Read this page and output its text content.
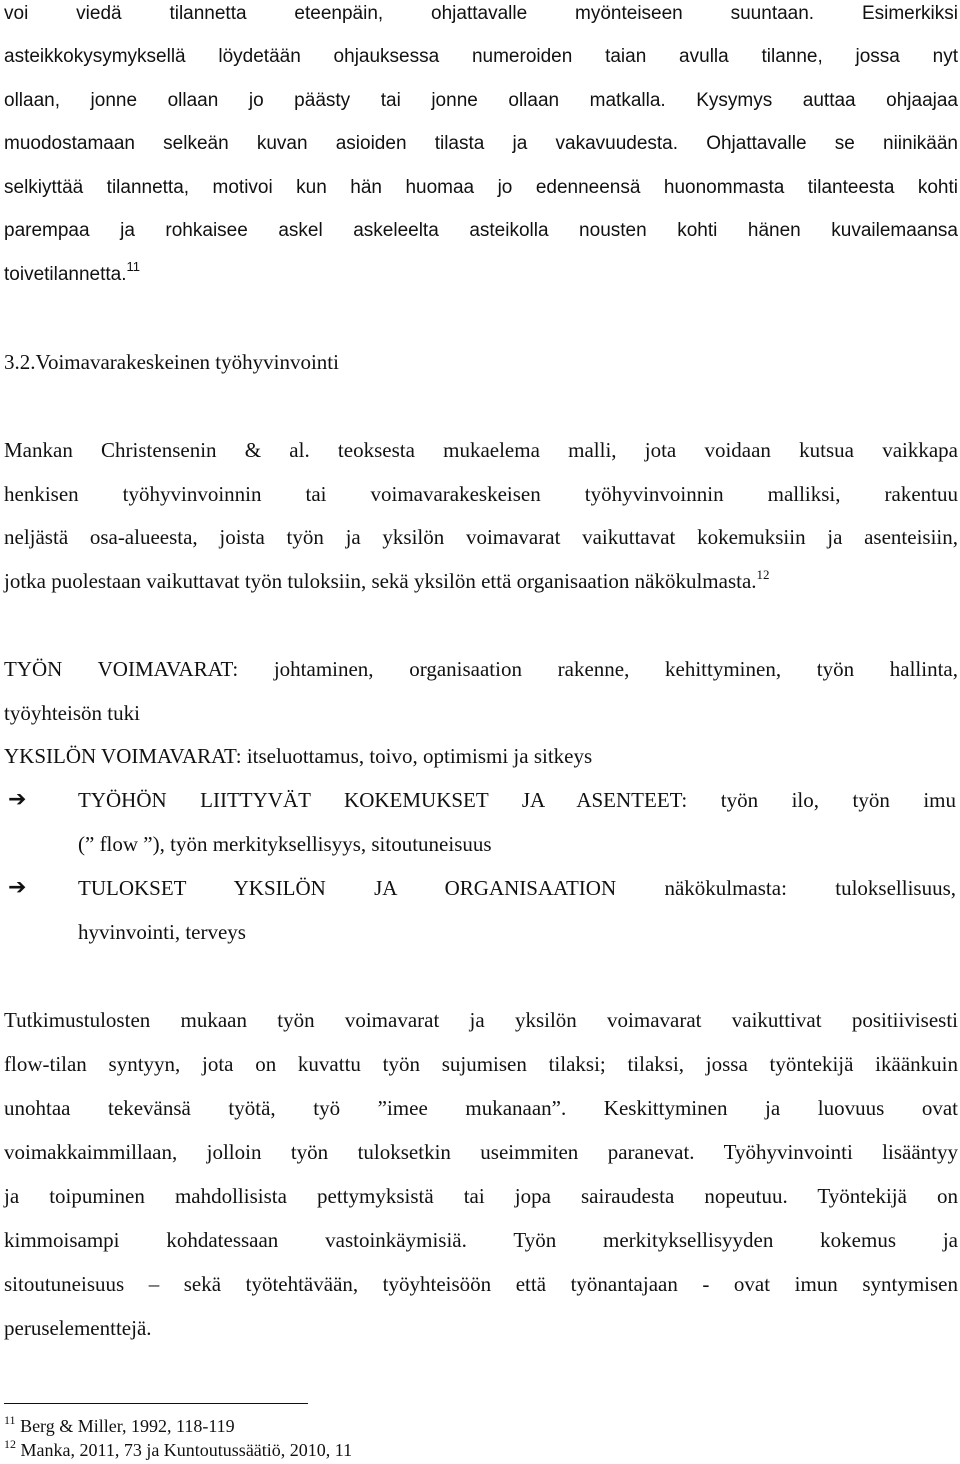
voi viedä tilannetta eteenpäin, ohjattavalle myönteiseen suuntaan. Esimerkiksi
asteikkokysymyksellä löydetään ohjauksessa numeroiden taian avulla tilanne, jossa nyt
ollaan, jonne ollaan jo päästy tai jonne ollaan matkalla. Kysymys auttaa ohjaajaa
muodostamaan selkeän kuvan asioiden tilasta ja vakavuudesta. Ohjattavalle se niinikään
selkiyttää tilannetta, motivoi kun hän huomaa jo edenneensä huonommasta tilanteesta kohti
parempaa ja rohkaisee askel askeleelta asteikolla nousten kohti hänen kuvailemaansa
toivetilannetta.$^{11}$
3.2.Voimavarakeskeinen työhyvinvointi
Mankan Christensenin & al. teoksesta mukaelema malli, jota voidaan kutsua vaikkapa
henkisen työhyvinvoinnin tai voimavarakeskeisen työhyvinvoinnin malliksi, rakentuu
neljästä osa-alueesta, joista työn ja yksilön voimavarat vaikuttavat kokemuksiin ja asenteisiin,
jotka puolestaan vaikuttavat työn tuloksiin, sekä yksilön että organisaation näkökulmasta.$^{12}$
TYÖN VOIMAVARAT: johtaminen, organisaation rakenne, kehittyminen, työn hallinta,
työyhteisön tuki
YKSILÖN VOIMAVARAT: itseluottamus, toivo, optimismi ja sitkeys
➔ TYÖHÖN LIITTYVÄT KOKEMUKSET JA ASENTEET: työn ilo, työn imu
(” flow ”), työn merkityksellisyys, sitoutuneisuus
➔ TULOKSET YKSILÖN JA ORGANISAATION näkökulmasta: tuloksellisuus,
hyvinvointi, terveys
Tutkimustulosten mukaan työn voimavarat ja yksilön voimavarat vaikuttivat positiivisesti
flow-tilan syntyyn, jota on kuvattu työn sujumisen tilaksi; tilaksi, jossa työntekijä ikäänkuin
unohtaa tekevänsä työtä, työ ”imee mukanaan”. Keskittyminen ja luovuus ovat
voimakkaimmillaan, jolloin työn tuloksetkin useimmiten paranevat. Työhyvinvointi lisääntyy
ja toipuminen mahdollisista pettymyksistä tai jopa sairaudesta nopeutuu. Työntekijä on
kimmoisampi kohdatessaan vastoinkäymisiä. Työn merkityksellisyyden kokemus ja
sitoutuneisuus – sekä työtehtävään, työyhteisöön että työnantajaan - ovat imun syntymisen
peruselementtejä.
$^{11}$ Berg & Miller, 1992, 118-119
$^{12}$ Manka, 2011, 73 ja Kuntoutussäätiö, 2010, 11
